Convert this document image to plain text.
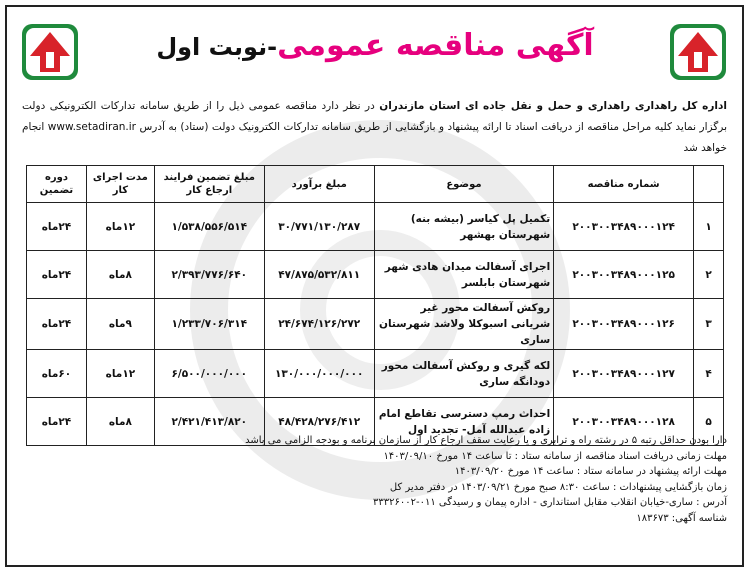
آگهی مناقصه عمومی-نوبت اول
اداره کل راهداری راهداری و حمل و نقل جاده ای استان مازندران در نظر دارد مناقصه عمومی ذیل را از طریق سامانه تدارکات الکترونیکی دولت برگزار نماید کلیه مراحل مناقصه از دریافت اسناد تا ارائه پیشنهاد و بازگشایی از طریق سامانه تدارکات الکترونیک دولت (ستاد) به آدرس www.setadiran.ir انجام خواهد شد
	شماره مناقصه	موضوع	مبلغ برآورد	مبلغ تضمین فرایند ارجاع کار	مدت اجرای کار	دوره تضمین
۱	۲۰۰۳۰۰۳۴۸۹۰۰۰۱۲۴	تکمیل پل کیاسر (بیشه بنه) شهرستان بهشهر	۳۰/۷۷۱/۱۳۰/۲۸۷	۱/۵۳۸/۵۵۶/۵۱۴	۱۲ماه	۲۴ماه
۲	۲۰۰۳۰۰۳۴۸۹۰۰۰۱۲۵	اجرای آسفالت میدان هادی شهر شهرستان بابلسر	۴۷/۸۷۵/۵۳۲/۸۱۱	۲/۳۹۳/۷۷۶/۶۴۰	۸ماه	۲۴ماه
۳	۲۰۰۳۰۰۳۴۸۹۰۰۰۱۲۶	روکش آسفالت محور غیر شریانی اسبوکلا ولاشد شهرستان ساری	۲۴/۶۷۴/۱۲۶/۲۷۲	۱/۲۳۳/۷۰۶/۳۱۴	۹ماه	۲۴ماه
۴	۲۰۰۳۰۰۳۴۸۹۰۰۰۱۲۷	لکه گیری و روکش آسفالت محور دودانگه ساری	۱۳۰/۰۰۰/۰۰۰/۰۰۰	۶/۵۰۰/۰۰۰/۰۰۰	۱۲ماه	۶۰ماه
۵	۲۰۰۳۰۰۳۴۸۹۰۰۰۱۲۸	احداث رمپ دسترسی تقاطع امام زاده عبدالله آمل- تجدید اول	۴۸/۴۲۸/۲۷۶/۴۱۲	۲/۴۲۱/۴۱۳/۸۲۰	۸ماه	۲۴ماه
دارا بودن حداقل رتبه ۵ در رشته راه و ترابری و یا رعایت سقف ارجاع کار از سازمان برنامه و بودجه الزامی می باشد
مهلت زمانی دریافت اسناد مناقصه از سامانه ستاد : تا ساعت ۱۴ مورخ ۱۴۰۳/۰۹/۱۰
مهلت ارائه پیشنهاد در سامانه ستاد : ساعت ۱۴ مورخ ۱۴۰۳/۰۹/۲۰
زمان بازگشایی پیشنهادات : ساعت ۸:۳۰ صبح مورخ ۱۴۰۳/۰۹/۲۱ در دفتر مدیر کل
آدرس : ساری-خیابان انقلاب مقابل استانداری - اداره پیمان و رسیدگی ۰۱۱-۳۳۳۲۶۰۰۲
شناسه آگهی: ۱۸۳۶۷۳
